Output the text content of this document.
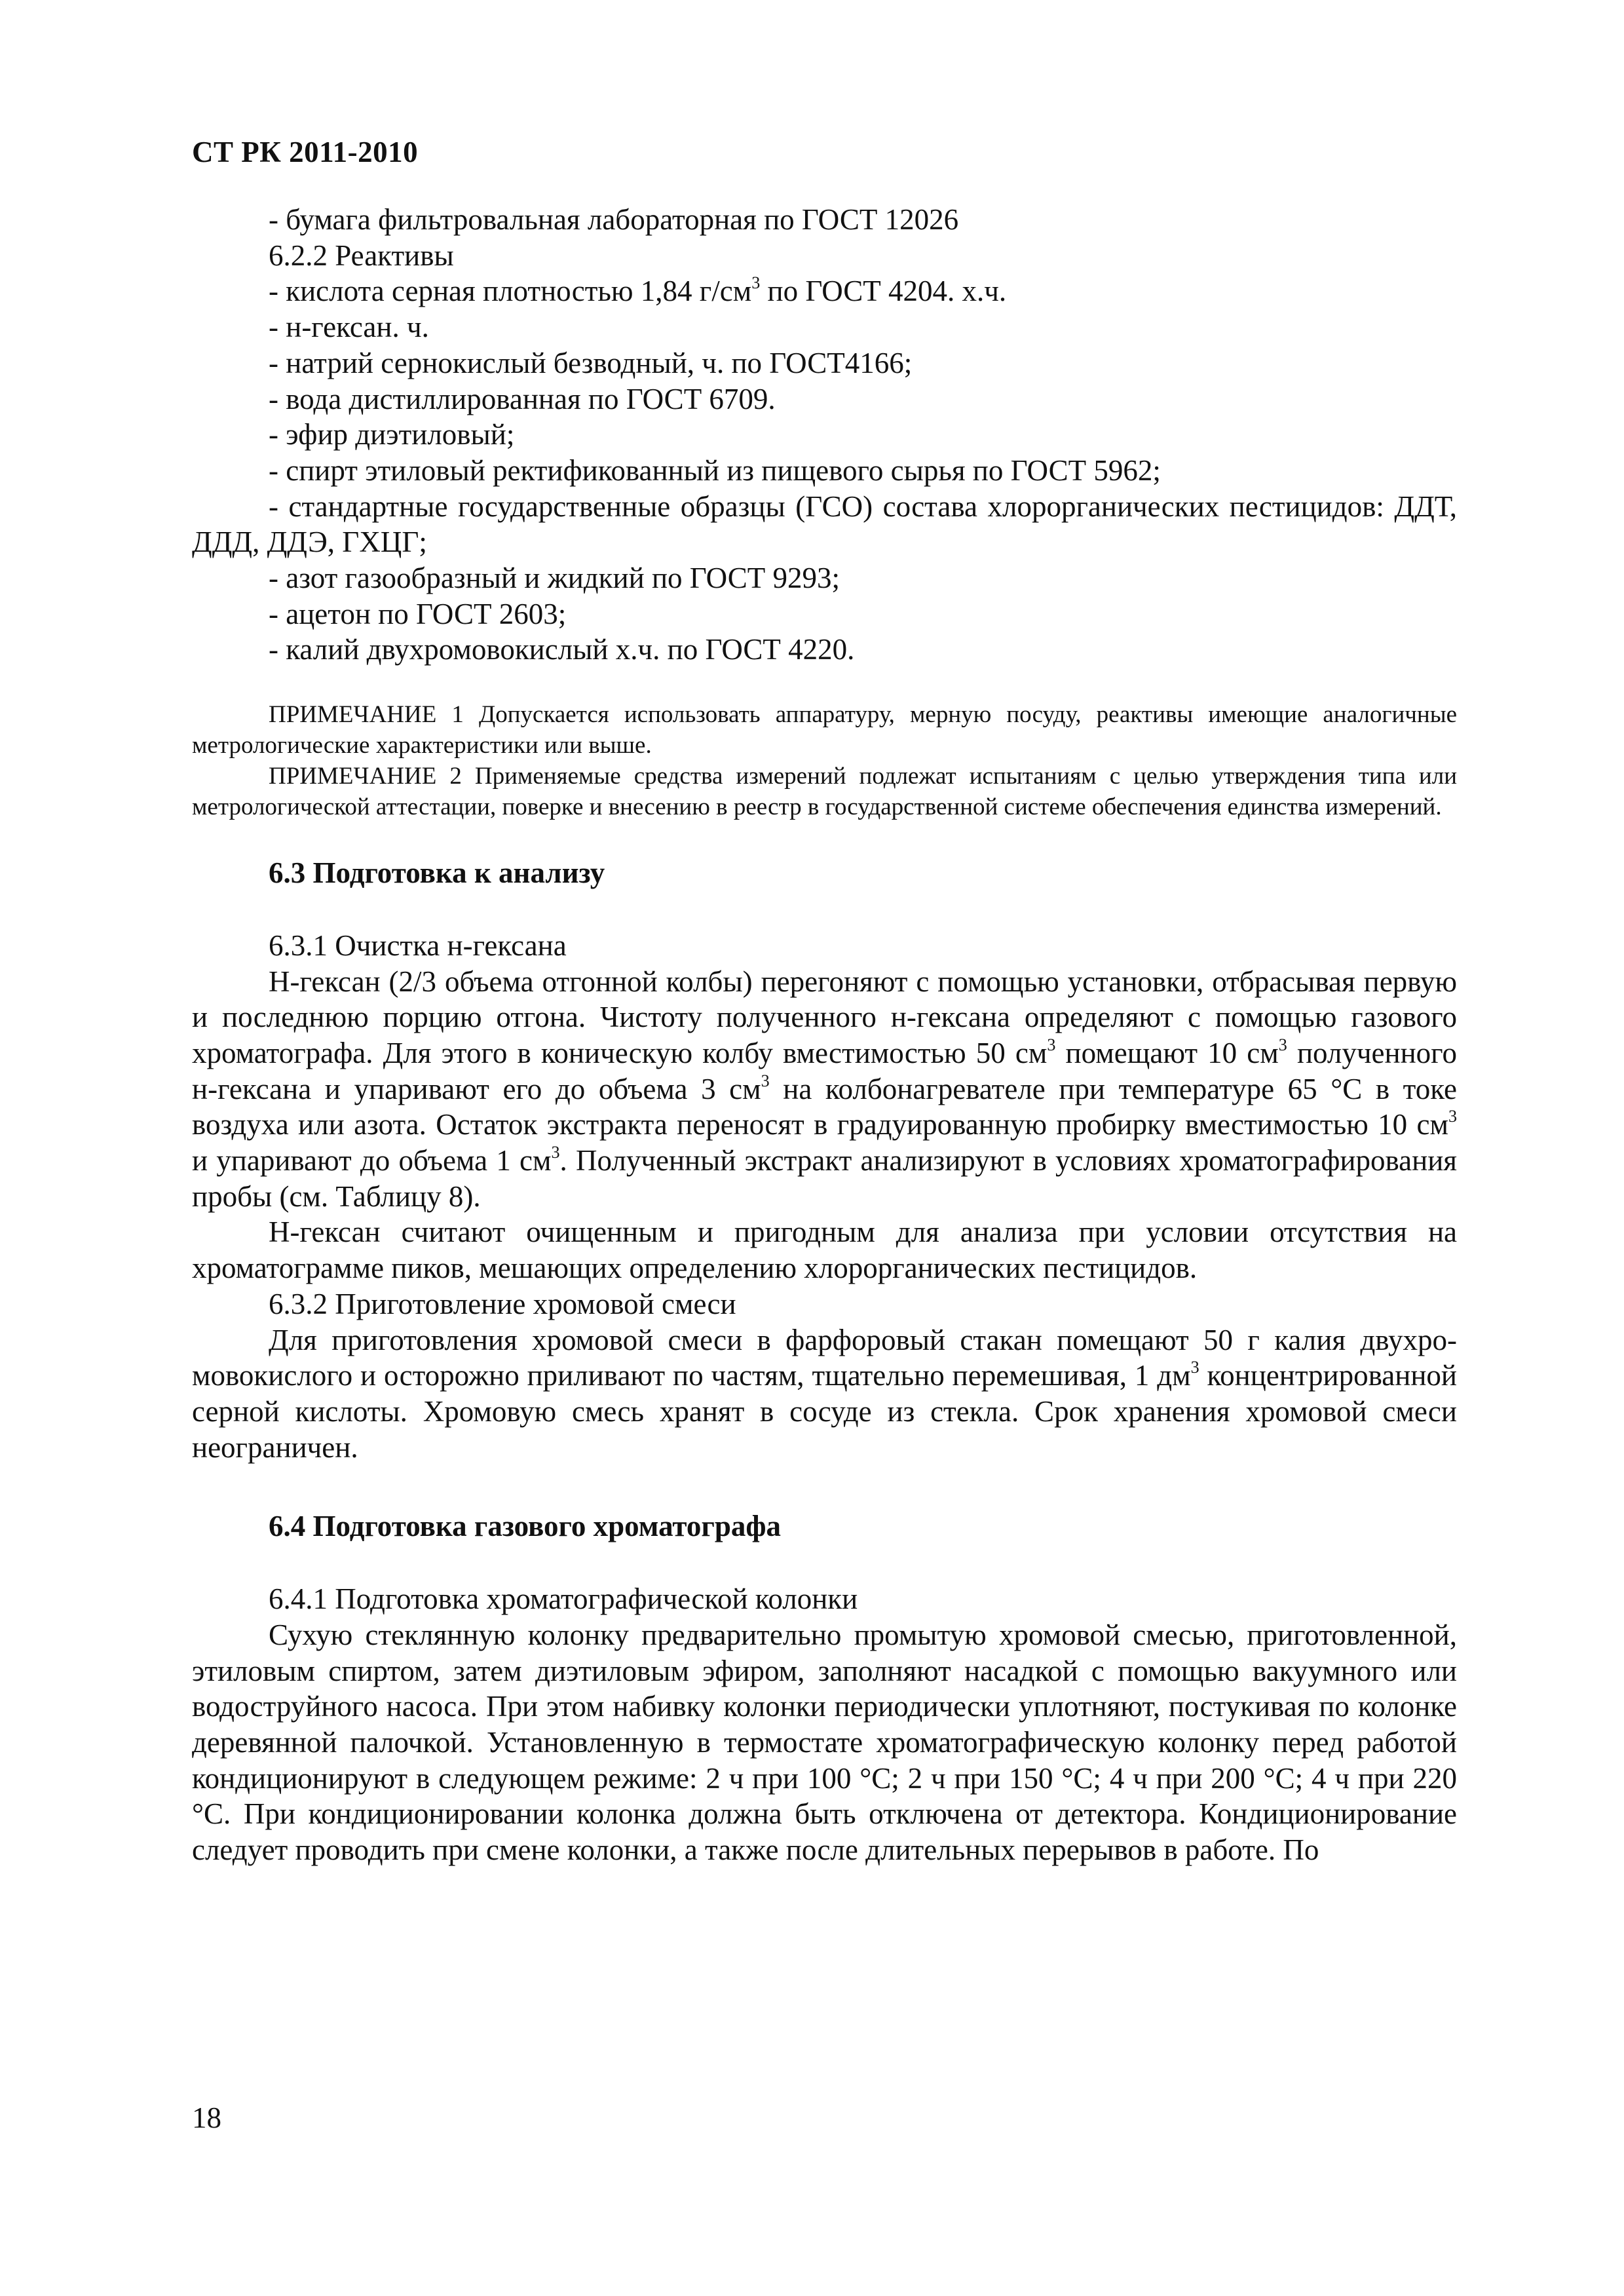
СТ РК 2011-2010

- бумага фильтровальная лабораторная по ГОСТ 12026

6.2.2 Реактивы

- кислота серная плотностью 1,84 $г/см^3$ по ГОСТ 4204. х.ч.

- н-гексан. ч.

- натрий сернокислый безводный, ч. по ГОСТ4166;

- вода дистиллированная по ГОСТ 6709.

- эфир диэтиловый;

- спирт этиловый ректификованный из пищевого сырья по ГОСТ 5962;

- стандартные государственные образцы (ГСО) состава хлорорганических пестицидов: ДДТ, ДДД, ДДЭ, ГХЦГ;

- азот газообразный и жидкий по ГОСТ 9293;

- ацетон по ГОСТ 2603;

- калий двухромовокислый х.ч. по ГОСТ 4220.

ПРИМЕЧАНИЕ 1 Допускается использовать аппаратуру, мерную посуду, реактивы имеющие аналогичные метрологические характеристики или выше.

ПРИМЕЧАНИЕ 2 Применяемые средства измерений подлежат испытаниям с целью утверждения типа или метрологической аттестации, поверке и внесению в реестр в государственной системе обеспечения единства измерений.

6.3 Подготовка к анализу

6.3.1 Очистка н-гексана

Н-гексан (2/3 объема отгонной колбы) перегоняют с помощью установки, отбрасывая первую и последнюю порцию отгона. Чистоту полученного н-гексана определяют с помощью газового хроматографа. Для этого в коническую колбу вместимостью 50 $см^3$ помещают 10 $см^3$ полученного н-гексана и упаривают его до объема 3 $см^3$ на колбонагревателе при температуре 65 °С в токе воздуха или азота. Остаток экстракта переносят в градуированную пробирку вместимостью 10 $см^3$ и упаривают до объема 1 $см^3$. Полученный экстракт анализируют в условиях хроматографирования пробы (см. Таблицу 8).

Н-гексан считают очищенным и пригодным для анализа при условии отсутствия на хроматограмме пиков, мешающих определению хлорорганических пестицидов.

6.3.2 Приготовление хромовой смеси

Для приготовления хромовой смеси в фарфоровый стакан помещают 50 г калия двухро-мовокислого и осторожно приливают по частям, тщательно перемешивая, 1 $дм^3$ концентрированной серной кислоты. Хромовую смесь хранят в сосуде из стекла. Срок хранения хромовой смеси неограничен.

6.4 Подготовка газового хроматографа

6.4.1 Подготовка хроматографической колонки

Сухую стеклянную колонку предварительно промытую хромовой смесью, приготовленной, этиловым спиртом, затем диэтиловым эфиром, заполняют насадкой с помощью вакуумного или водоструйного насоса. При этом набивку колонки периодически уплотняют, постукивая по колонке деревянной палочкой. Установленную в термостате хроматографическую колонку перед работой кондиционируют в следующем режиме: 2 ч при 100 °С; 2 ч при 150 °С; 4 ч при 200 °С; 4 ч при 220 °С. При кондиционировании колонка должна быть отключена от детектора. Кондиционирование следует проводить при смене колонки, а также после длительных перерывов в работе. По

18
